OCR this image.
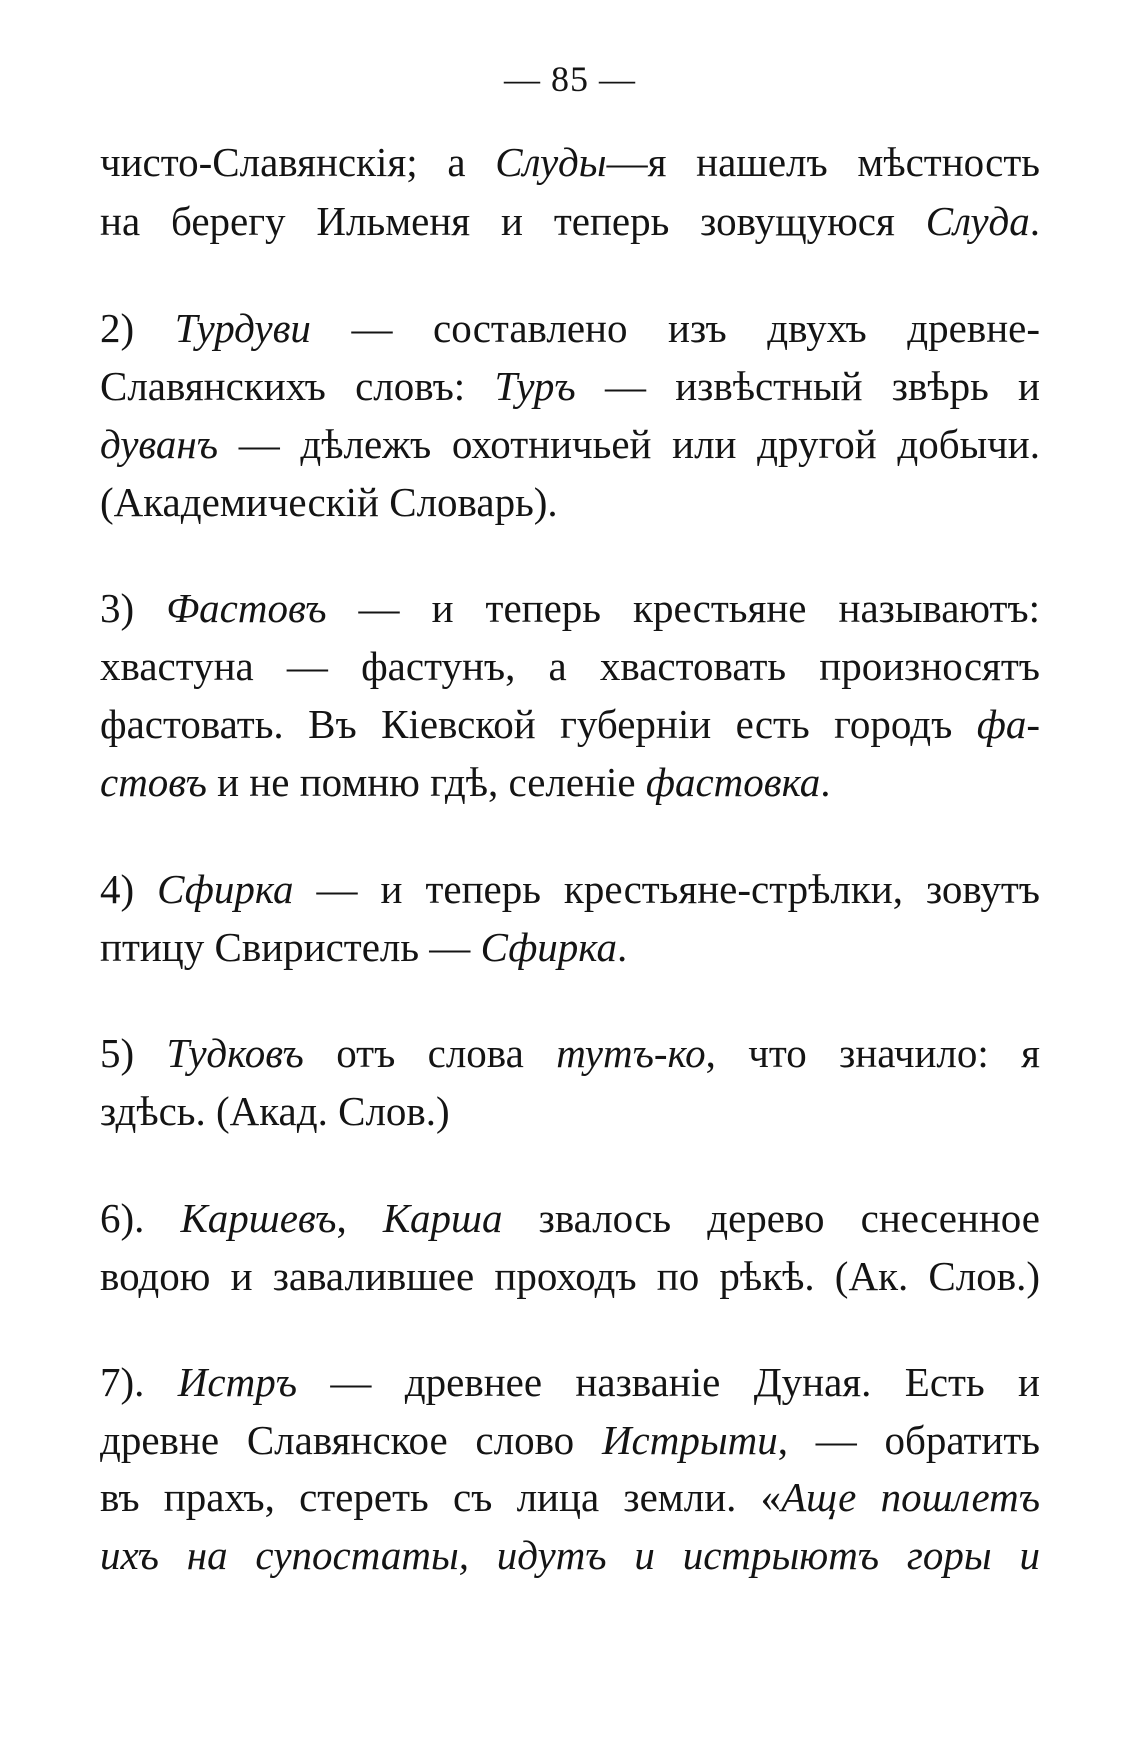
— 85 —
чисто-Славянскія; а Слуды—я нашелъ мѣстность
на берегу Ильменя и теперь зовущуюся Слуда.
2) Турдуви — составлено изъ двухъ древне-
Славянскихъ словъ: Туръ — извѣстный звѣрь и
дуванъ — дѣлежъ охотничьей или другой добычи.
(Академическій Словарь).
3) Фастовъ — и теперь крестьяне называютъ:
хвастуна — фастунъ, а хвастовать произносятъ
фастовать. Въ Кіевской губерніи есть городъ фа-
стовъ и не помню гдѣ, селеніе фастовка.
4) Сфирка — и теперь крестьяне-стрѣлки, зовутъ
птицу Свиристель — Сфирка.
5) Тудковъ отъ слова тутъ-ко, что значило: я
здѣсь. (Акад. Слов.)
6). Каршевъ, Карша звалось дерево снесенное
водою и завалившее проходъ по рѣкѣ. (Ак. Слов.)
7). Истръ — древнее названіе Дуная. Есть и
древне Славянское слово Истрыти, — обратить
въ прахъ, стереть съ лица земли. «Аще пошлетъ
ихъ на супостаты, идутъ и истрыютъ горы и
